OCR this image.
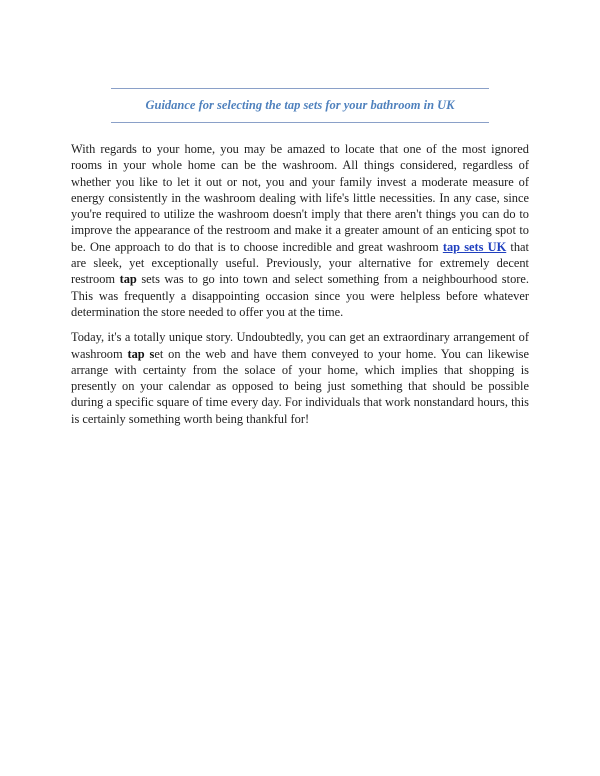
Guidance for selecting the tap sets for your bathroom in UK

With regards to your home, you may be amazed to locate that one of the most ignored rooms in your whole home can be the washroom. All things considered, regardless of whether you like to let it out or not, you and your family invest a moderate measure of energy consistently in the washroom dealing with life's little necessities. In any case, since you're required to utilize the washroom doesn't imply that there aren't things you can do to improve the appearance of the restroom and make it a greater amount of an enticing spot to be. One approach to do that is to choose incredible and great washroom tap sets UK that are sleek, yet exceptionally useful. Previously, your alternative for extremely decent restroom tap sets was to go into town and select something from a neighbourhood store. This was frequently a disappointing occasion since you were helpless before whatever determination the store needed to offer you at the time.

Today, it's a totally unique story. Undoubtedly, you can get an extraordinary arrangement of washroom tap set on the web and have them conveyed to your home. You can likewise arrange with certainty from the solace of your home, which implies that shopping is presently on your calendar as opposed to being just something that should be possible during a specific square of time every day. For individuals that work nonstandard hours, this is certainly something worth being thankful for!
